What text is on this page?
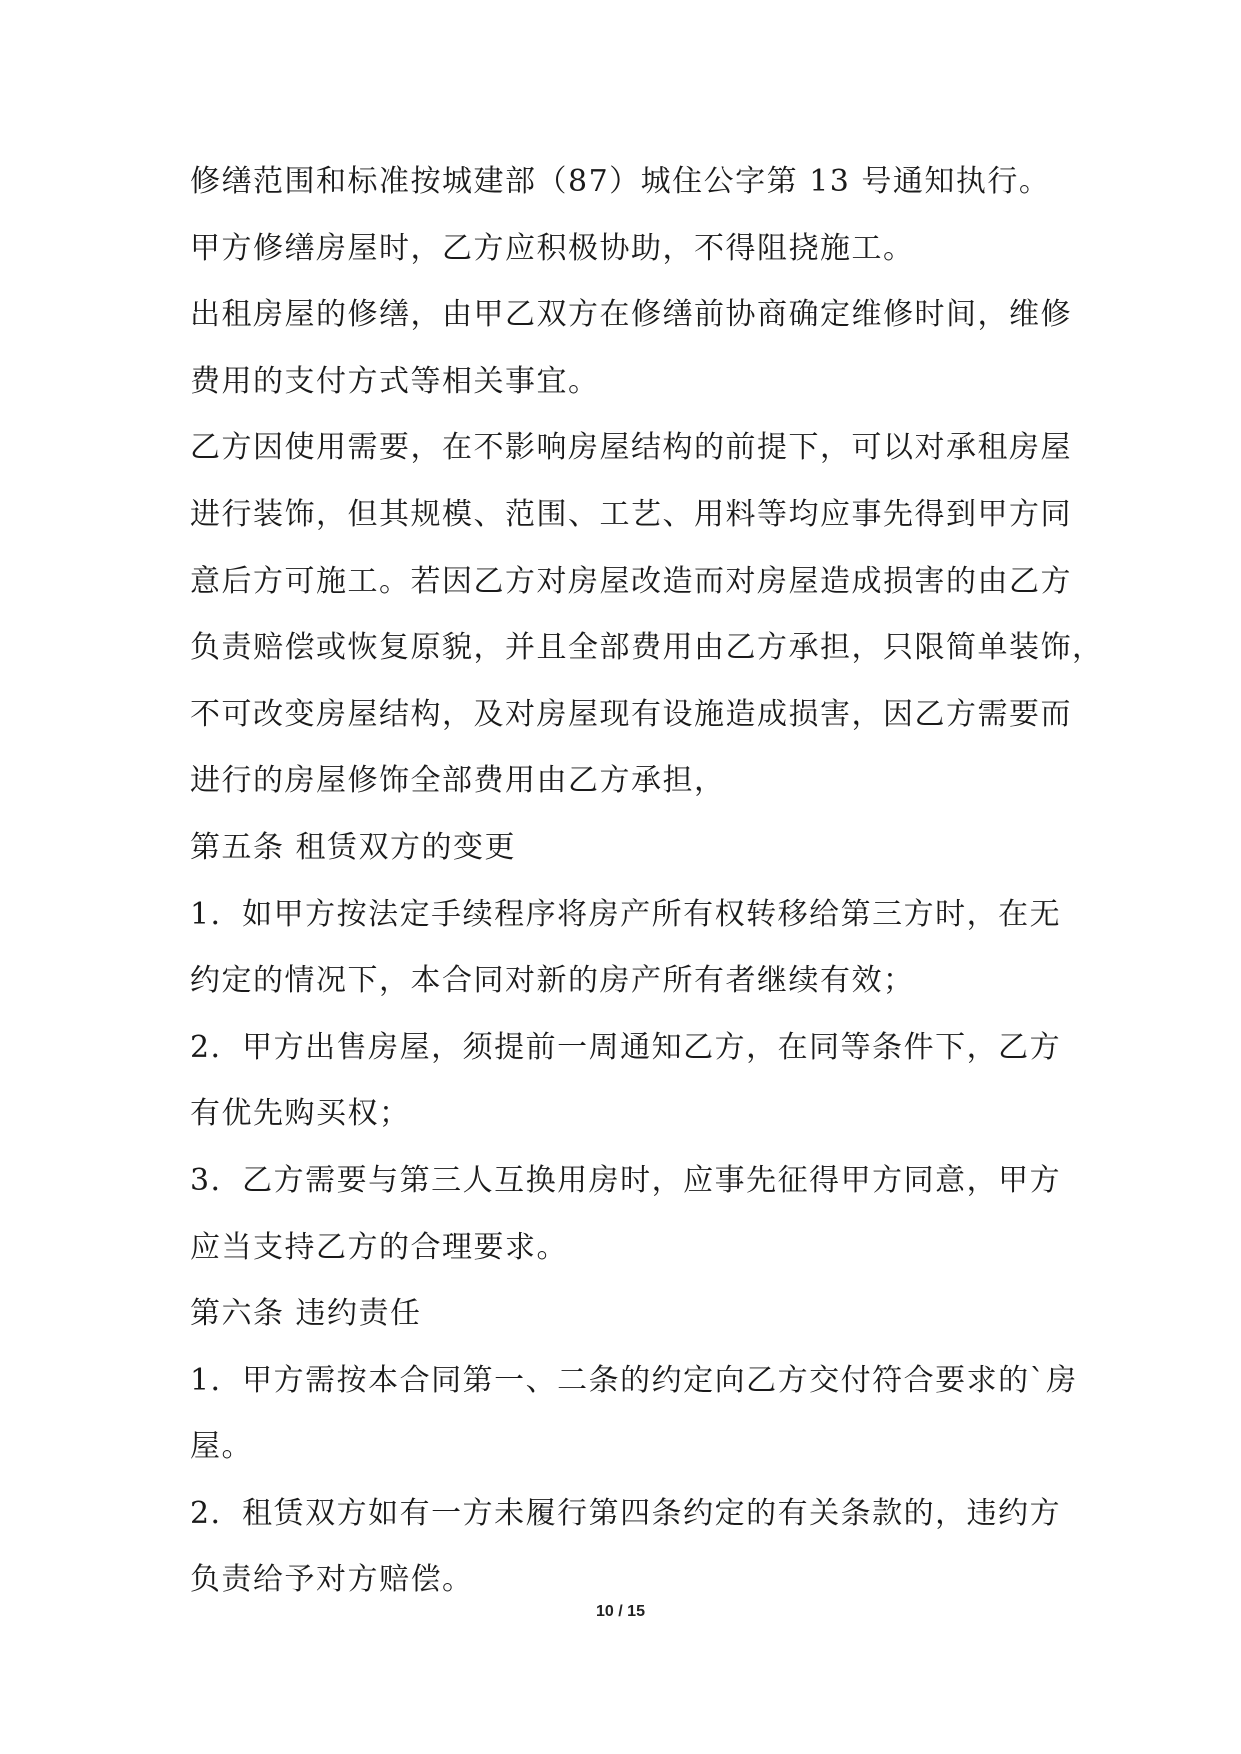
修缮范围和标准按城建部（87）城住公字第 13 号通知执行。
甲方修缮房屋时，乙方应积极协助，不得阻挠施工。
出租房屋的修缮，由甲乙双方在修缮前协商确定维修时间，维修
费用的支付方式等相关事宜。
乙方因使用需要，在不影响房屋结构的前提下，可以对承租房屋
进行装饰，但其规模、范围、工艺、用料等均应事先得到甲方同
意后方可施工。若因乙方对房屋改造而对房屋造成损害的由乙方
负责赔偿或恢复原貌，并且全部费用由乙方承担，只限简单装饰，
不可改变房屋结构，及对房屋现有设施造成损害，因乙方需要而
进行的房屋修饰全部费用由乙方承担，
第五条 租赁双方的变更
1．如甲方按法定手续程序将房产所有权转移给第三方时，在无
约定的情况下，本合同对新的房产所有者继续有效；
2．甲方出售房屋，须提前一周通知乙方，在同等条件下，乙方
有优先购买权；
3．乙方需要与第三人互换用房时，应事先征得甲方同意，甲方
应当支持乙方的合理要求。
第六条 违约责任
1．甲方需按本合同第一、二条的约定向乙方交付符合要求的`房
屋。
2．租赁双方如有一方未履行第四条约定的有关条款的，违约方
负责给予对方赔偿。
10 / 15
